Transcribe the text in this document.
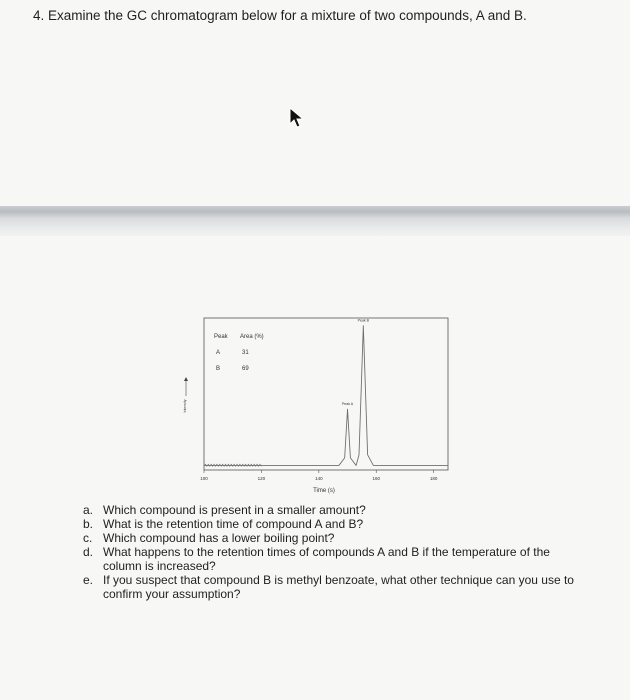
4. Examine the GC chromatogram below for a mixture of two compounds, A and B.
100	120	140	160	180
Time (s)
Intensity	Peak A
Peak B
Peak Area (%)
A	31
B	69
a. Which compound is present in a smaller amount?
b. What is the retention time of compound A and B?
c. Which compound has a lower boiling point?
d. What happens to the retention times of compounds A and B if the temperature of the column is increased?
e. If you suspect that compound B is methyl benzoate, what other technique can you use to confirm your assumption?
